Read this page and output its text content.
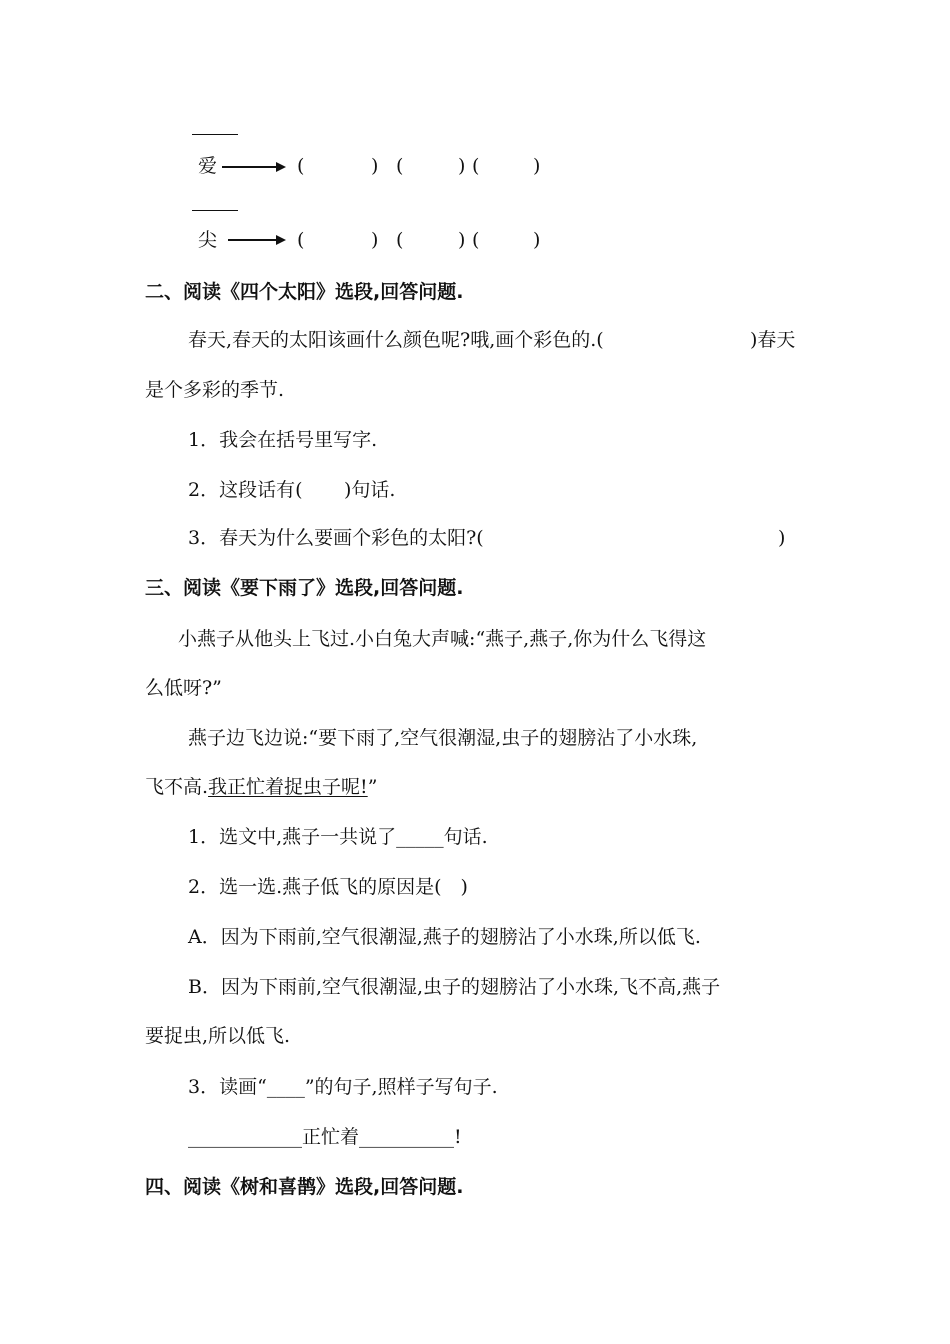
爱	(	) (	) (	)
尖	(	) (	) (	)
二、阅读《四个太阳》选段,回答问题.
春天,春天的太阳该画什么颜色呢?哦,画个彩色的.(	)春天
是个多彩的季节.
1．我会在括号里写字.
2．这段话有( )句话.
3．春天为什么要画个彩色的太阳?(	)
三、阅读《要下雨了》选段,回答问题.
小燕子从他头上飞过.小白兔大声喊:“燕子,燕子,你为什么飞得这
么低呀?”
燕子边飞边说:“要下雨了,空气很潮湿,虫子的翅膀沾了小水珠,
飞不高.我正忙着捉虫子呢!”
1．选文中,燕子一共说了_____句话.
2．选一选.燕子低飞的原因是(　)
A．因为下雨前,空气很潮湿,燕子的翅膀沾了小水珠,所以低飞.
B．因为下雨前,空气很潮湿,虫子的翅膀沾了小水珠,飞不高,燕子
要捉虫,所以低飞.
3．读画“____”的句子,照样子写句子.
____________正忙着__________!
四、阅读《树和喜鹊》选段,回答问题.
